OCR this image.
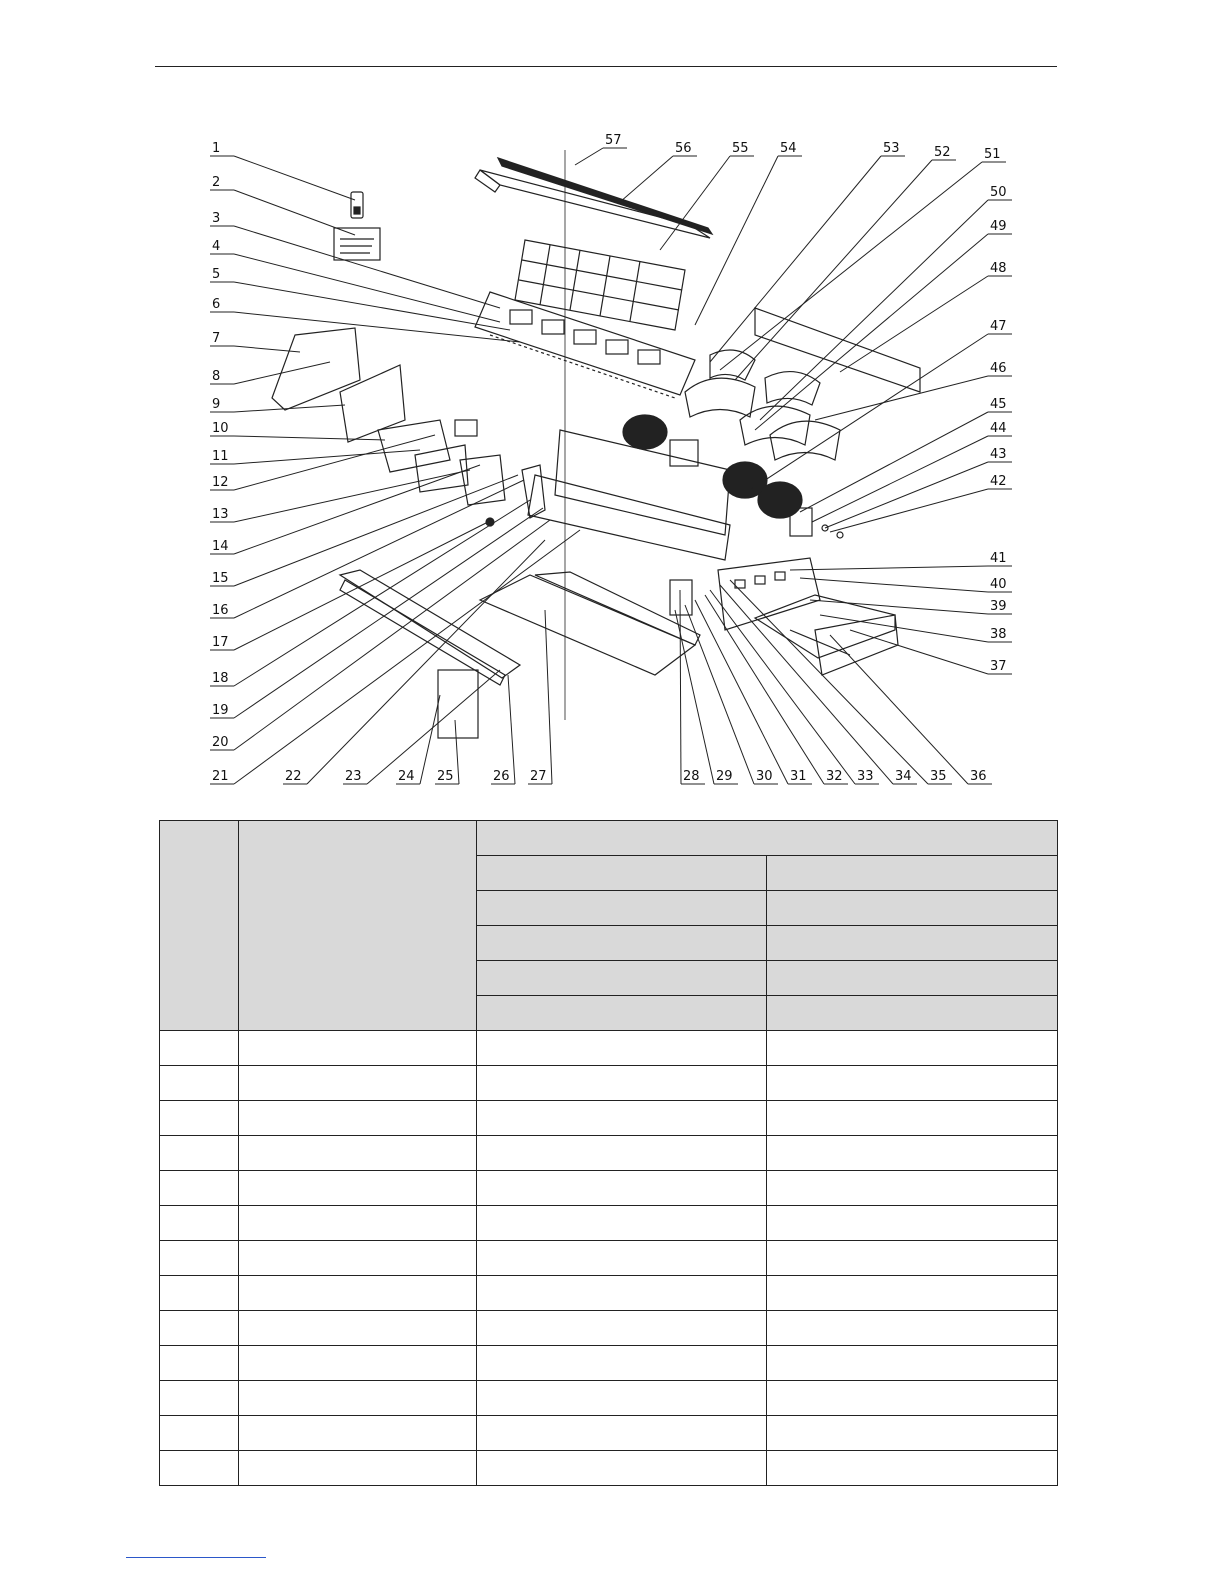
1
2
3
4
5
6
7
8
9
10
11
12
13
14
15
16
17
18
19
20
21	22	23	24 25	26 27	28 29 30 31 32 33 34 35 36
37
38
39
40
41
42
43
44
45
46
47
48
49
50
51
52
53
54
55
56
57
